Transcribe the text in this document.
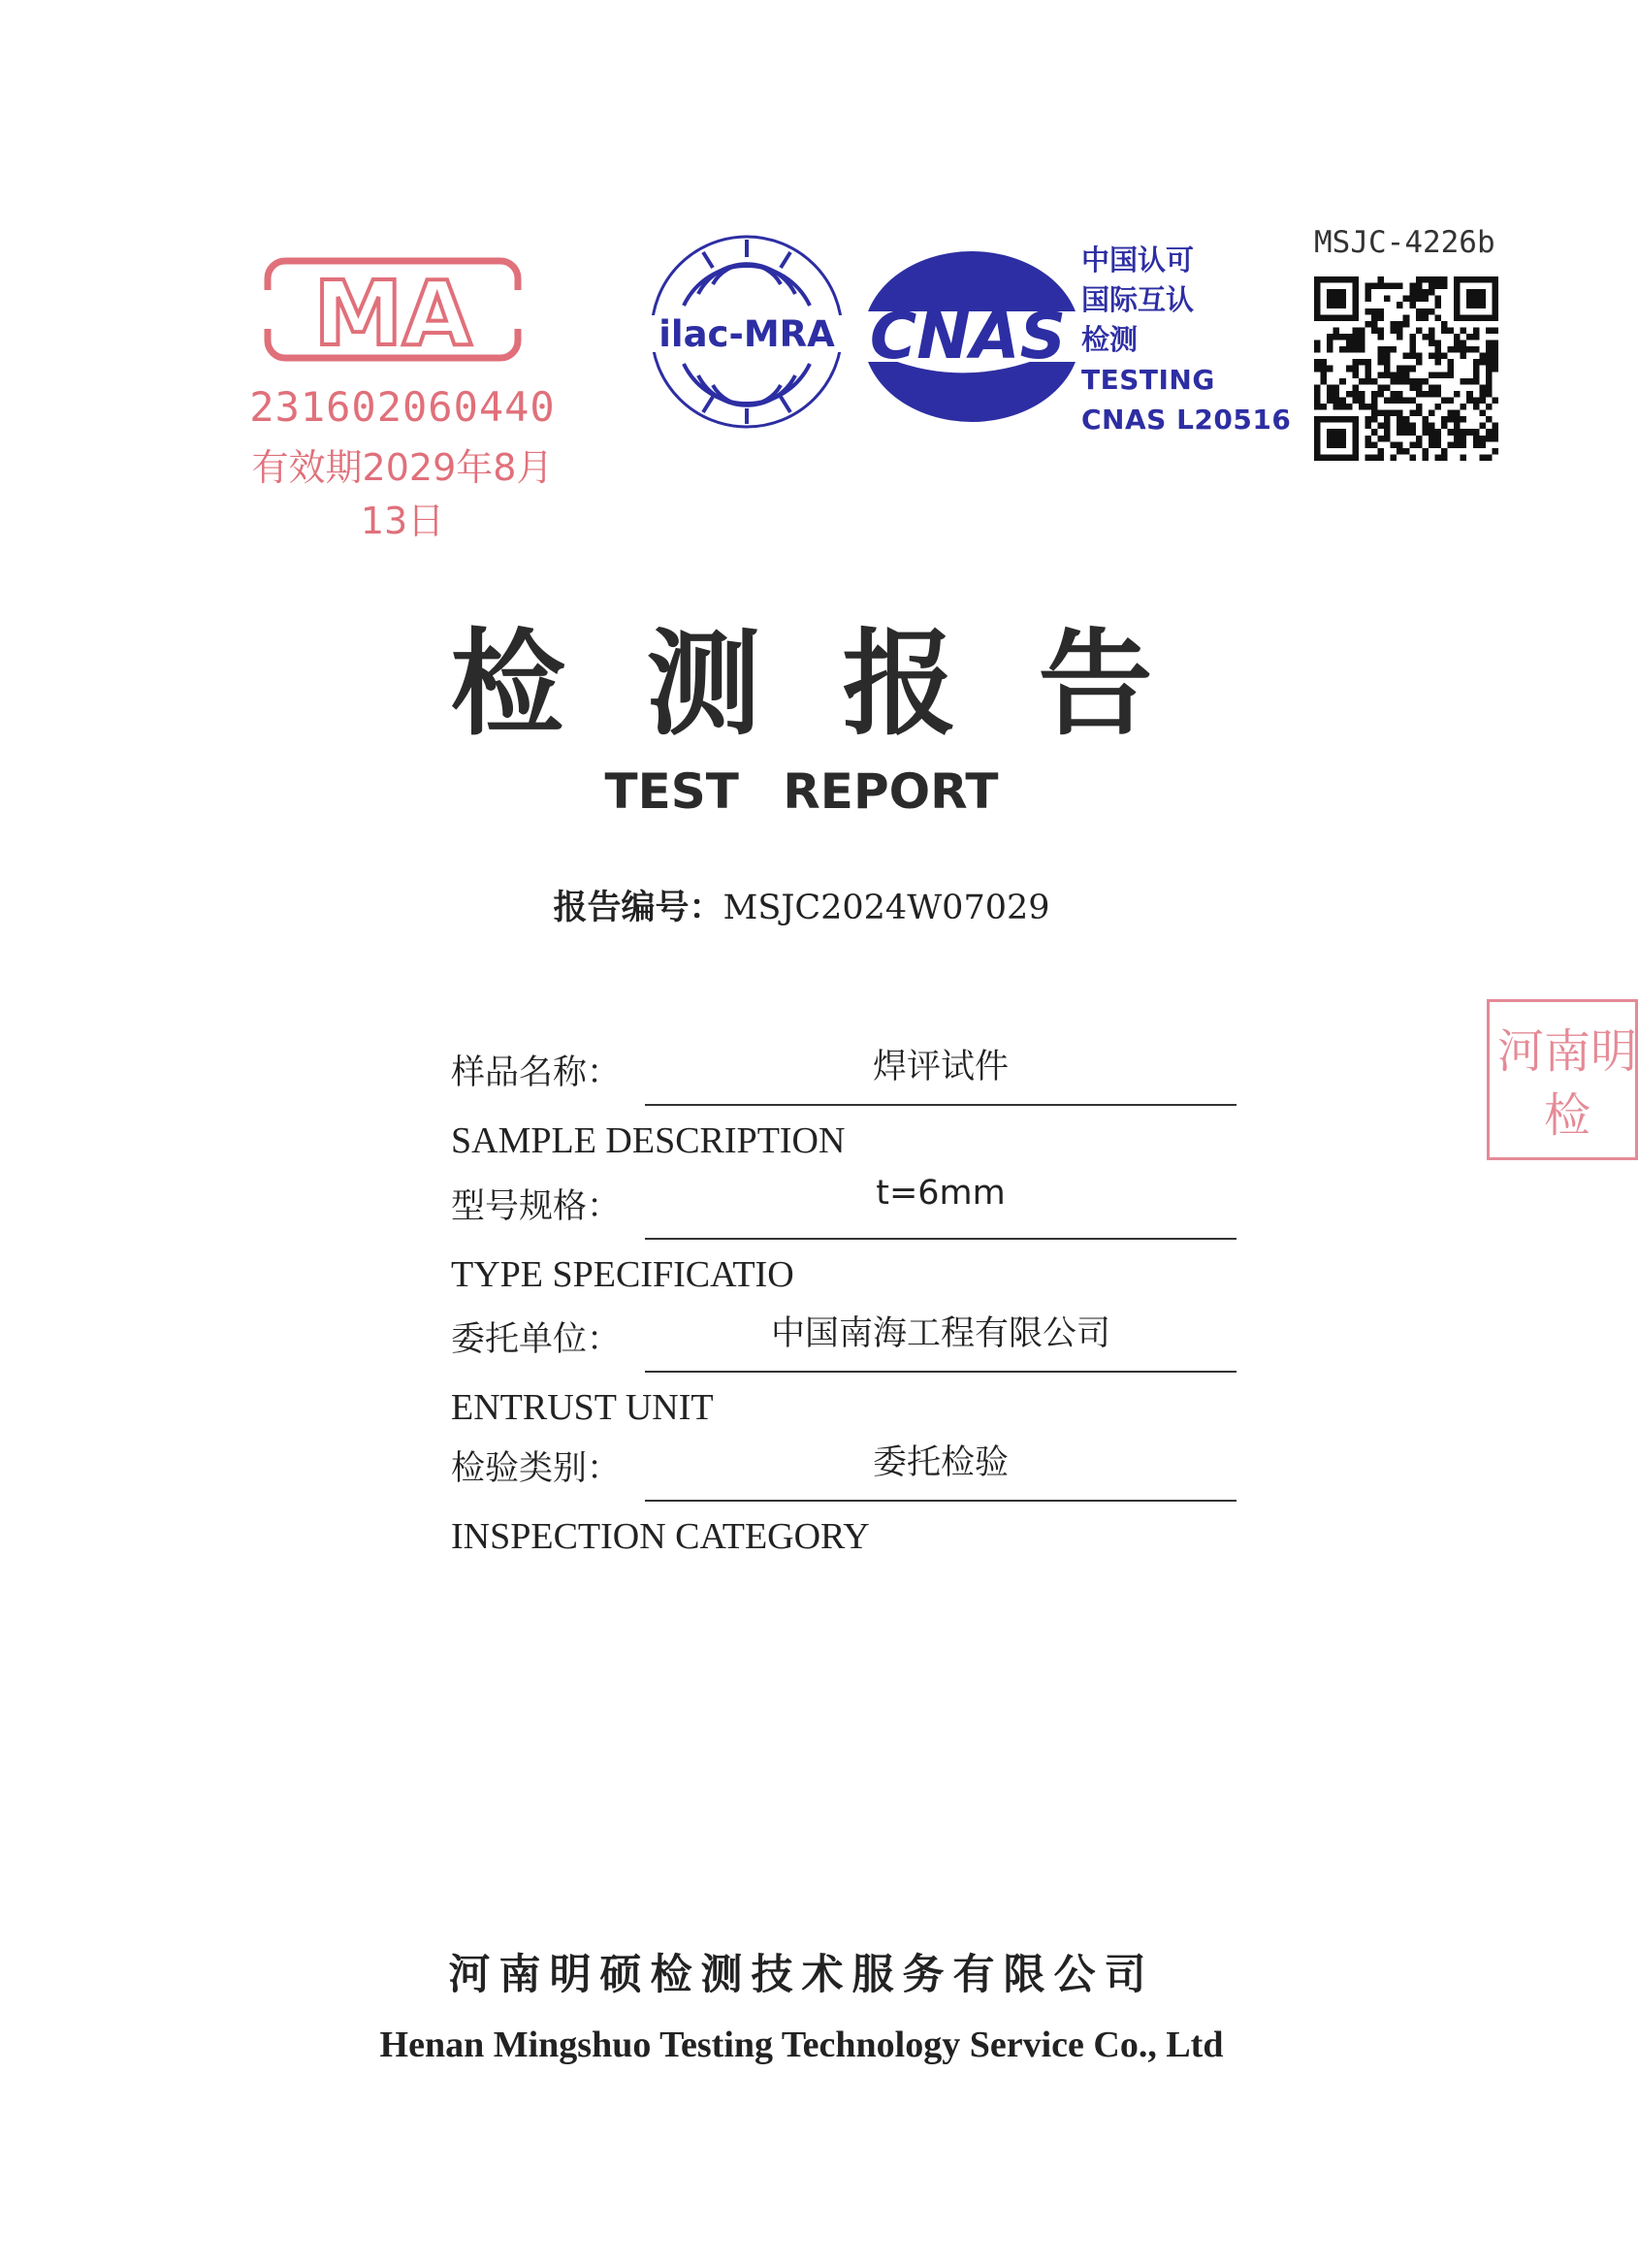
MA
231602060440
有效期2029年8月13日
ilac-MRA CNAS
中国认可
国际互认
检测
TESTING
CNAS L20516
MSJC-4226b
检测报告
TEST REPORT
报告编号：MSJC2024W07029
样品名称：	焊评试件
SAMPLE DESCRIPTION
型号规格：	t=6mm
TYPE SPECIFICATIO
委托单位：	中国南海工程有限公司
ENTRUST UNIT
检验类别：	委托检验
INSPECTION CATEGORY
河南明
检
河南明硕检测技术服务有限公司
Henan Mingshuo Testing Technology Service Co., Ltd
